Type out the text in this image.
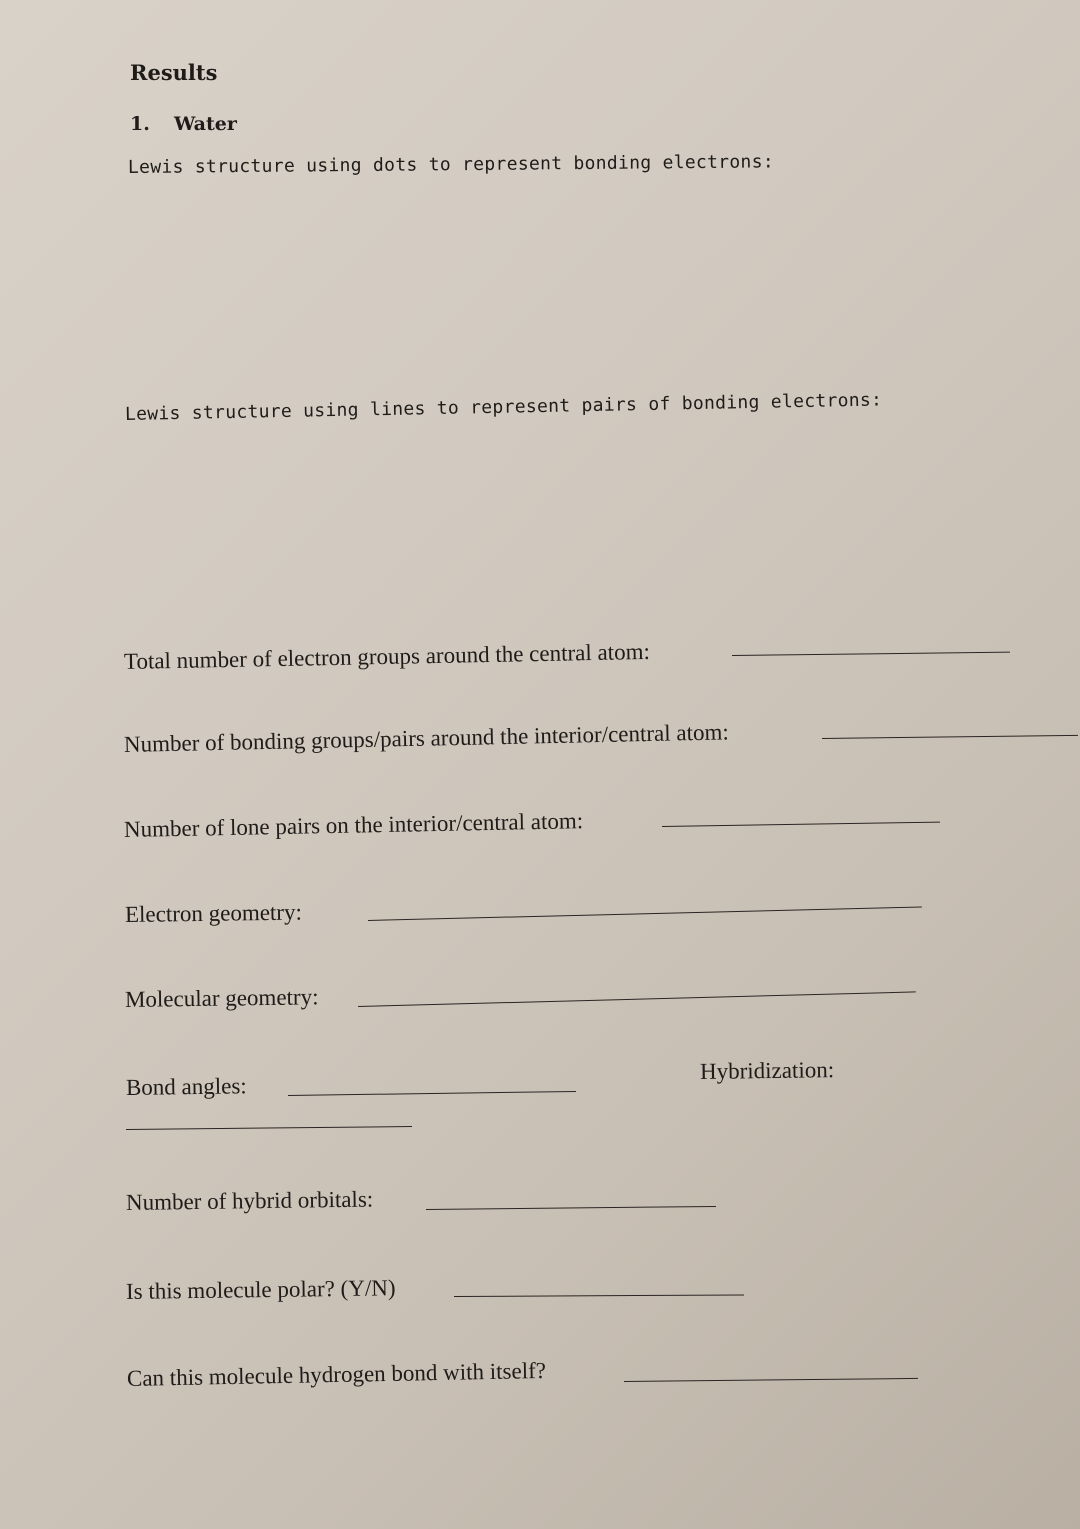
Results

1. Water

Lewis structure using dots to represent bonding electrons:

Lewis structure using lines to represent pairs of bonding electrons:

Total number of electron groups around the central atom:

Number of bonding groups/pairs around the interior/central atom:

Number of lone pairs on the interior/central atom:

Electron geometry:

Molecular geometry:

Bond angles:

Hybridization:

Number of hybrid orbitals:

Is this molecule polar? (Y/N)

Can this molecule hydrogen bond with itself?
